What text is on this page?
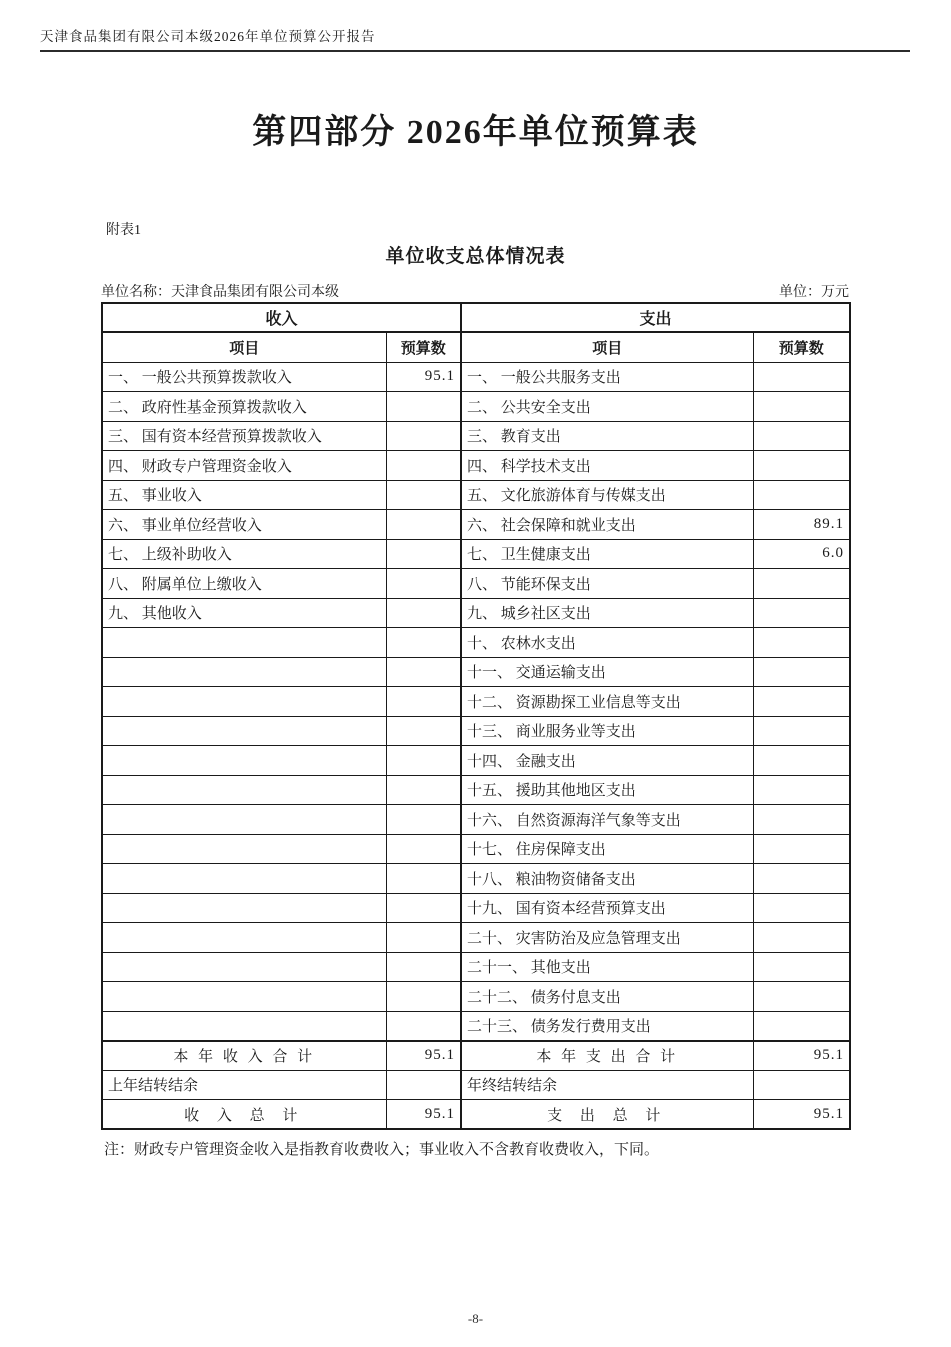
天津食品集团有限公司本级2026年单位预算公开报告
第四部分 2026年单位预算表
附表1
单位收支总体情况表
单位名称：天津食品集团有限公司本级	单位：万元
收入		支出	
项目	预算数	项目	预算数
一、 一般公共预算拨款收入	95.1	一、 一般公共服务支出	
二、 政府性基金预算拨款收入		二、 公共安全支出	
三、 国有资本经营预算拨款收入		三、 教育支出	
四、 财政专户管理资金收入		四、 科学技术支出	
五、 事业收入		五、 文化旅游体育与传媒支出	
六、 事业单位经营收入		六、 社会保障和就业支出	89.1
七、 上级补助收入		七、 卫生健康支出	6.0
八、 附属单位上缴收入		八、 节能环保支出	
九、 其他收入		九、 城乡社区支出	
		十、 农林水支出	
		十一、 交通运输支出	
		十二、 资源勘探工业信息等支出	
		十三、 商业服务业等支出	
		十四、 金融支出	
		十五、 援助其他地区支出	
		十六、 自然资源海洋气象等支出	
		十七、 住房保障支出	
		十八、 粮油物资储备支出	
		十九、 国有资本经营预算支出	
		二十、 灾害防治及应急管理支出	
		二十一、 其他支出	
		二十二、 债务付息支出	
		二十三、 债务发行费用支出	
本 年 收 入 合 计	95.1	本 年 支 出 合 计	95.1
上年结转结余		年终结转结余	
收 入 总 计	95.1	支 出 总 计	95.1
注：财政专户管理资金收入是指教育收费收入；事业收入不含教育收费收入，下同。
-8-
